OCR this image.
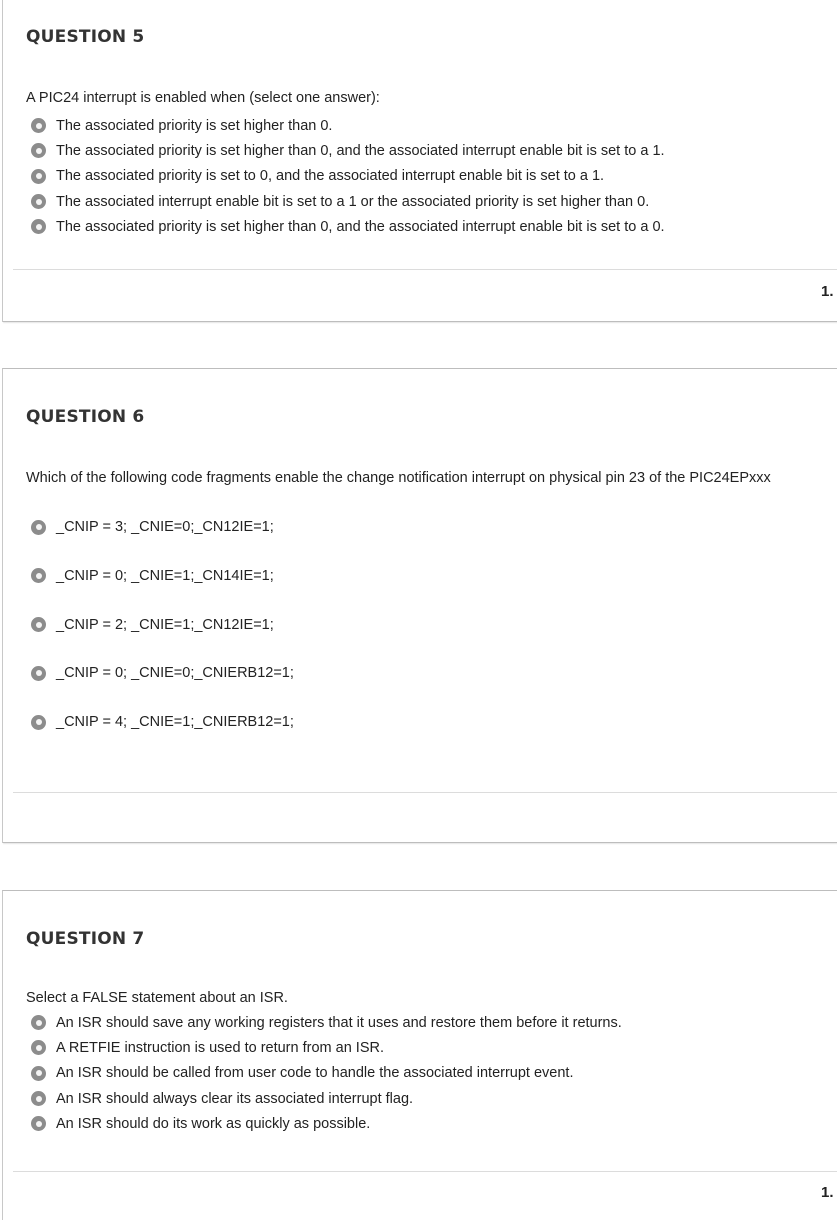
QUESTION 5
A PIC24 interrupt is enabled when (select one answer):
The associated priority is set higher than 0.
The associated priority is set higher than 0, and the associated interrupt enable bit is set to a 1.
The associated priority is set to 0, and the associated interrupt enable bit is set to a 1.
The associated interrupt enable bit is set to a 1 or the associated priority is set higher than 0.
The associated priority is set higher than 0, and the associated interrupt enable bit is set to a 0.
1.
QUESTION 6
Which of the following code fragments enable the change notification interrupt on physical pin 23 of the PIC24EPxxx
_CNIP = 3; _CNIE=0;_CN12IE=1;
_CNIP = 0; _CNIE=1;_CN14IE=1;
_CNIP = 2; _CNIE=1;_CN12IE=1;
_CNIP = 0; _CNIE=0;_CNIERB12=1;
_CNIP = 4; _CNIE=1;_CNIERB12=1;
QUESTION 7
Select a FALSE statement about an ISR.
An ISR should save any working registers that it uses and restore them before it returns.
A RETFIE instruction is used to return from an ISR.
An ISR should be called from user code to handle the associated interrupt event.
An ISR should always clear its associated interrupt flag.
An ISR should do its work as quickly as possible.
1.
